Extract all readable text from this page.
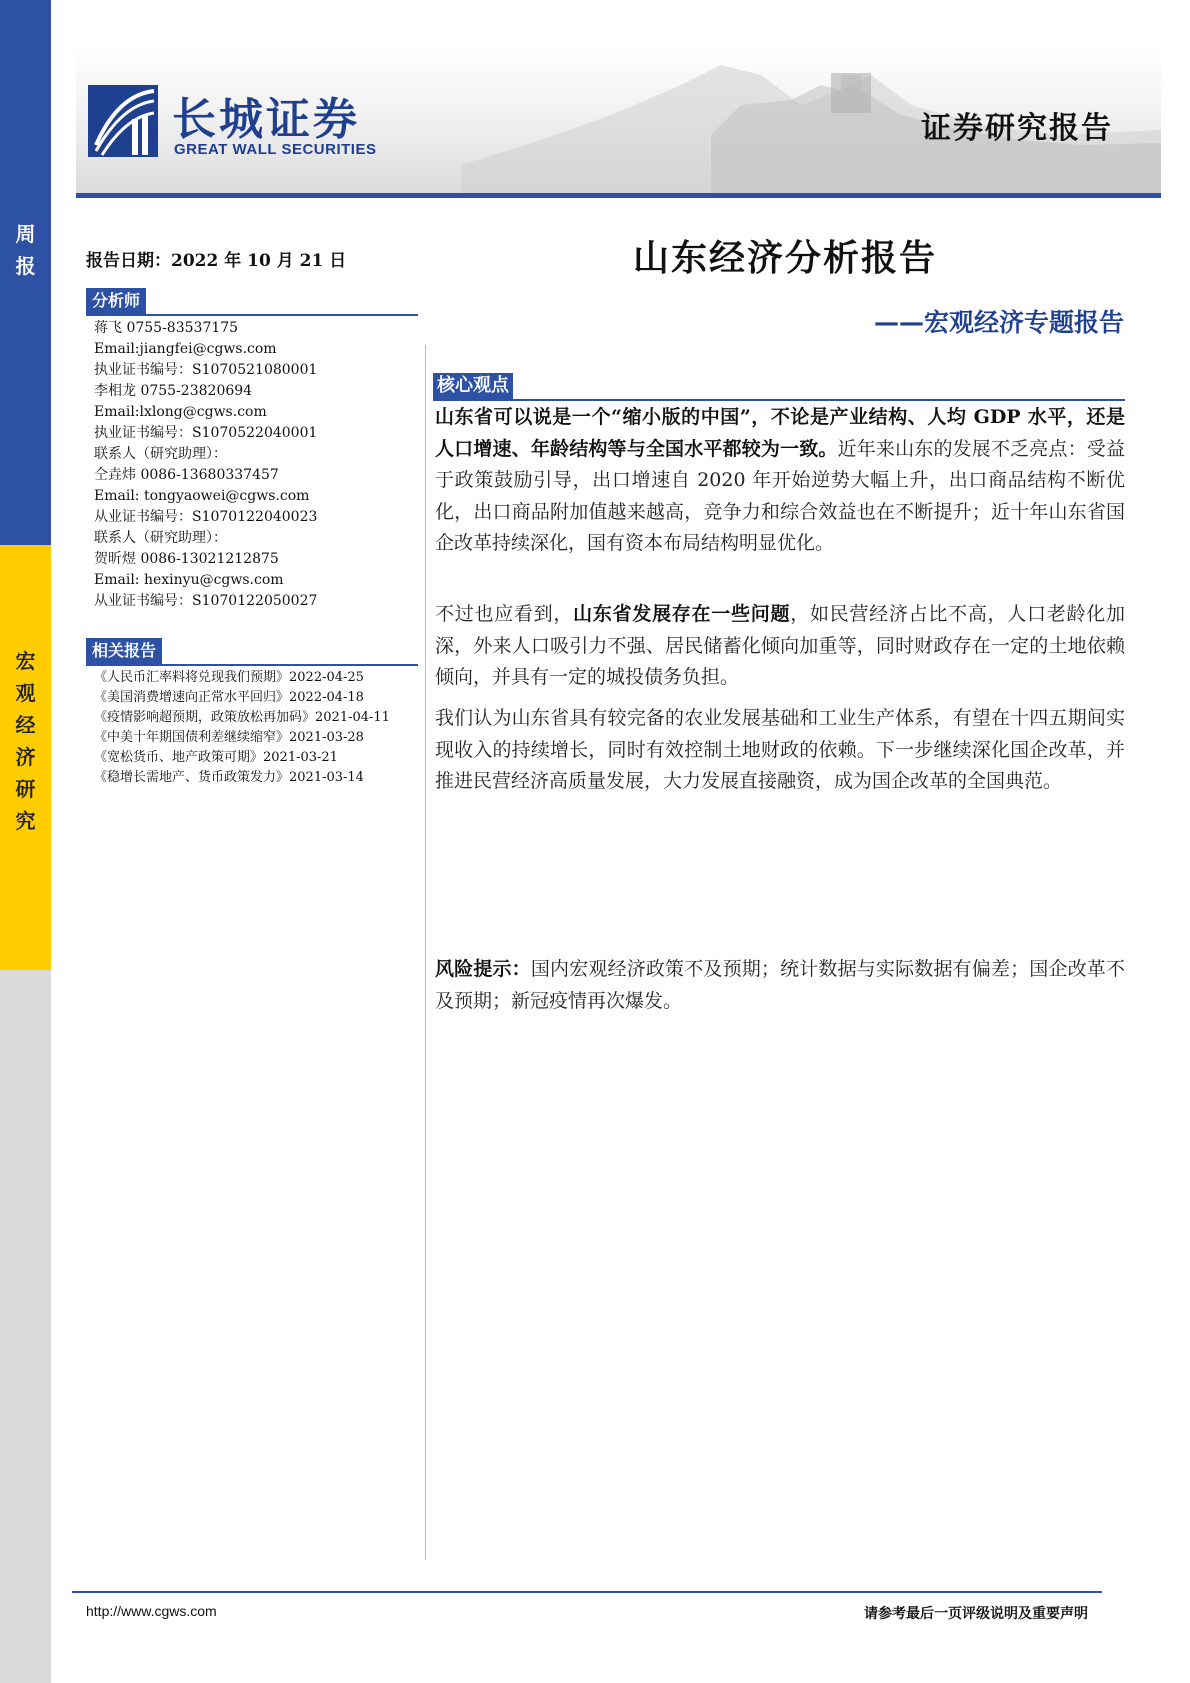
周
报
宏
观
经
济
研
究
长城证券
GREAT WALL SECURITIES
证券研究报告
报告日期：2022 年 10 月 21 日
分析师
蒋飞 0755-83537175
Email:jiangfei@cgws.com
执业证书编号：S1070521080001
李相龙 0755-23820694
Email:lxlong@cgws.com
执业证书编号：S1070522040001
联系人（研究助理）：
仝垚炜 0086-13680337457
Email: tongyaowei@cgws.com
从业证书编号：S1070122040023
联系人（研究助理）：
贺昕煜 0086-13021212875
Email: hexinyu@cgws.com
从业证书编号：S1070122050027
相关报告
《人民币汇率料将兑现我们预期》2022-04-25
《美国消费增速向正常水平回归》2022-04-18
《疫情影响超预期，政策放松再加码》2021-04-11
《中美十年期国债利差继续缩窄》2021-03-28
《宽松货币、地产政策可期》2021-03-21
《稳增长需地产、货币政策发力》2021-03-14
山东经济分析报告
——宏观经济专题报告
核心观点
山东省可以说是一个“缩小版的中国”，不论是产业结构、人均 GDP 水平，还是人口增速、年龄结构等与全国水平都较为一致。近年来山东的发展不乏亮点：受益于政策鼓励引导，出口增速自 2020 年开始逆势大幅上升，出口商品结构不断优化，出口商品附加值越来越高，竞争力和综合效益也在不断提升；近十年山东省国企改革持续深化，国有资本布局结构明显优化。
不过也应看到，山东省发展存在一些问题，如民营经济占比不高，人口老龄化加深，外来人口吸引力不强、居民储蓄化倾向加重等，同时财政存在一定的土地依赖倾向，并具有一定的城投债务负担。
我们认为山东省具有较完备的农业发展基础和工业生产体系，有望在十四五期间实现收入的持续增长，同时有效控制土地财政的依赖。下一步继续深化国企改革，并推进民营经济高质量发展，大力发展直接融资，成为国企改革的全国典范。
风险提示：国内宏观经济政策不及预期；统计数据与实际数据有偏差；国企改革不及预期；新冠疫情再次爆发。
http://www.cgws.com	请参考最后一页评级说明及重要声明
